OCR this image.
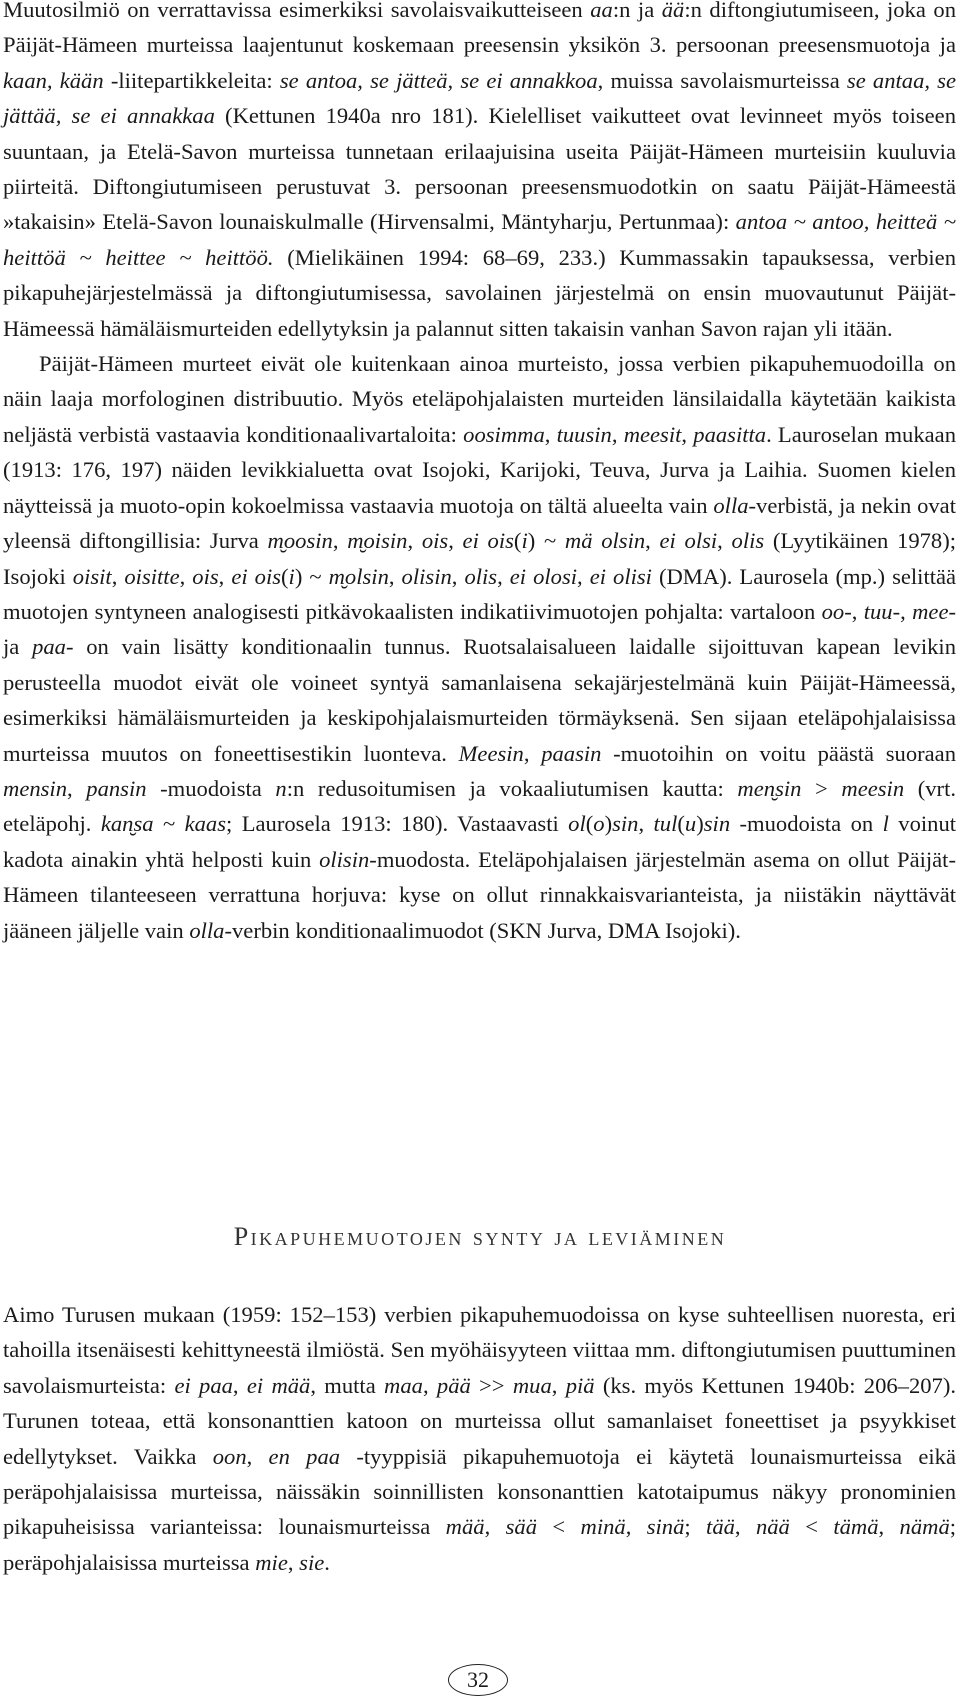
Muutosilmiö on verrattavissa esimerkiksi savolaisvaikutteiseen aa:n ja ää:n diftongiutumiseen, joka on Päijät-Hämeen murteissa laajentunut koskemaan preesensin yksikön 3. persoonan preesensmuotoja ja kaan, kään -liitepartikkeleita: se antoa, se jätteä, se ei annakkoa, muissa savolaismurteissa se antaa, se jättää, se ei annakkaa (Kettunen 1940a nro 181). Kielelliset vaikutteet ovat levinneet myös toiseen suuntaan, ja Etelä-Savon murteissa tunnetaan erilaajuisina useita Päijät-Hämeen murteisiin kuuluvia piirteitä. Diftongiutumiseen perustuvat 3. persoonan preesensmuodotkin on saatu Päijät-Hämeestä »takaisin» Etelä-Savon lounaiskulmalle (Hirvensalmi, Mäntyharju, Pertunmaa): antoa ~ antoo, heitteä ~ heittöä ~ heittee ~ heittöö. (Mielikäinen 1994: 68–69, 233.) Kummassakin tapauksessa, verbien pikapuhejärjestelmässä ja diftongiutumisessa, savolainen järjestelmä on ensin muovautunut Päijät-Hämeessä hämäläismurteiden edellytyksin ja palannut sitten takaisin vanhan Savon rajan yli itään.

Päijät-Hämeen murteet eivät ole kuitenkaan ainoa murteisto, jossa verbien pikapuhemuodoilla on näin laaja morfologinen distribuutio. Myös eteläpohjalaisten murteiden länsilaidalla käytetään kaikista neljästä verbistä vastaavia konditionaalivartaloita: oosimma, tuusin, meesit, paasitta. Lauroselan mukaan (1913: 176, 197) näiden levikkialuetta ovat Isojoki, Karijoki, Teuva, Jurva ja Laihia. Suomen kielen näytteissä ja muoto-opin kokoelmissa vastaavia muotoja on tältä alueelta vain olla-verbistä, ja nekin ovat yleensä diftongillisia: Jurva m̮oosin, m̮oisin, ois, ei ois(i) ~ mä olsin, ei olsi, olis (Lyytikäinen 1978); Isojoki oisit, oisitte, ois, ei ois(i) ~ m̮olsin, olisin, olis, ei olosi, ei olisi (DMA). Laurosela (mp.) selittää muotojen syntyneen analogisesti pitkävokaalisten indikatiivimuotojen pohjalta: vartaloon oo-, tuu-, mee- ja paa- on vain lisätty konditionaalin tunnus. Ruotsalaisalueen laidalle sijoittuvan kapean levikin perusteella muodot eivät ole voineet syntyä samanlaisena sekajärjestelmänä kuin Päijät-Hämeessä, esimerkiksi hämäläismurteiden ja keskipohjalaismurteiden törmäyksenä. Sen sijaan eteläpohjalaisissa murteissa muutos on foneettisestikin luonteva. Meesin, paasin -muotoihin on voitu päästä suoraan mensin, pansin -muodoista n:n redusoitumisen ja vokaaliutumisen kautta: men̮sin > meesin (vrt. eteläpohj. kan̮sa ~ kaas; Laurosela 1913: 180). Vastaavasti ol(o)sin, tul(u)sin -muodoista on l voinut kadota ainakin yhtä helposti kuin olisin-muodosta. Eteläpohjalaisen järjestelmän asema on ollut Päijät-Hämeen tilanteeseen verrattuna horjuva: kyse on ollut rinnakkaisvarianteista, ja niistäkin näyttävät jääneen jäljelle vain olla-verbin konditionaalimuodot (SKN Jurva, DMA Isojoki).

Pikapuhemuotojen synty ja leviäminen

Aimo Turusen mukaan (1959: 152–153) verbien pikapuhemuodoissa on kyse suhteellisen nuoresta, eri tahoilla itsenäisesti kehittyneestä ilmiöstä. Sen myöhäisyyteen viittaa mm. diftongiutumisen puuttuminen savolaismurteista: ei paa, ei mää, mutta maa, pää >> mua, piä (ks. myös Kettunen 1940b: 206–207). Turunen toteaa, että konsonanttien katoon on murteissa ollut samanlaiset foneettiset ja psyykkiset edellytykset. Vaikka oon, en paa -tyyppisiä pikapuhemuotoja ei käytetä lounaismurteissa eikä peräpohjalaisissa murteissa, näissäkin soinnillisten konsonanttien katotaipumus näkyy pronominien pikapuheisissa varianteissa: lounaismurteissa mää, sää < minä, sinä; tää, nää < tämä, nämä; peräpohjalaisissa murteissa mie, sie.

32
